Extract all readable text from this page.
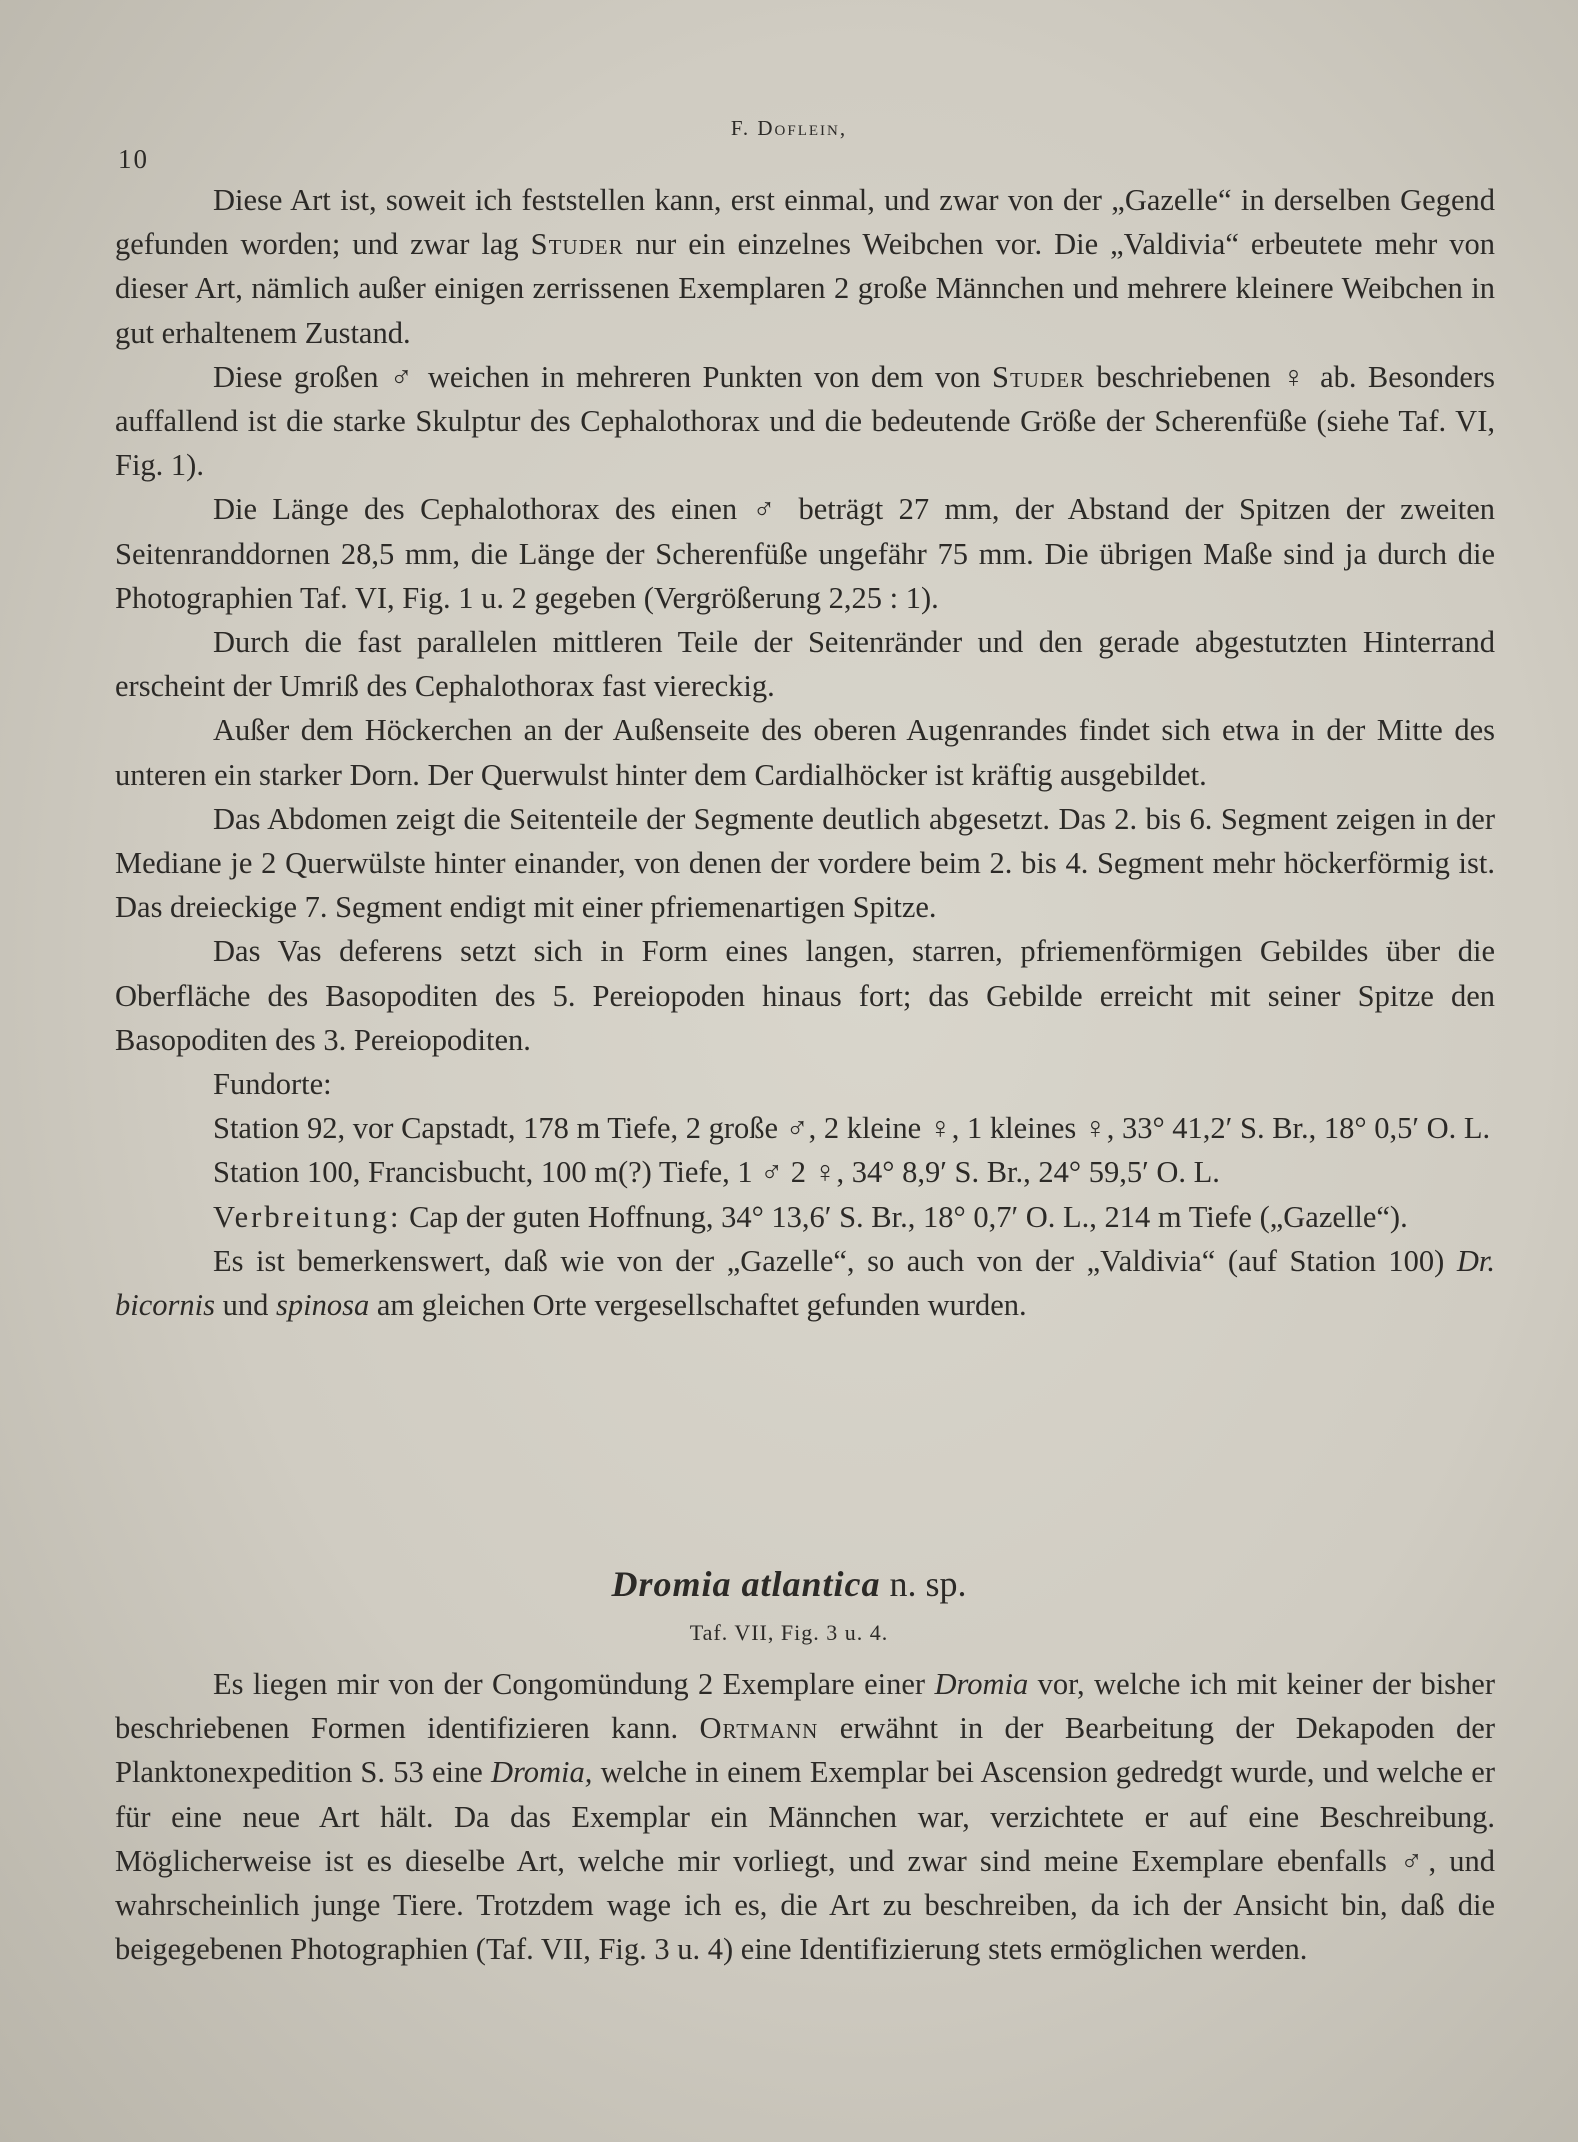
F. Doflein,
10

Diese Art ist, soweit ich feststellen kann, erst einmal, und zwar von der „Gazelle“ in derselben Gegend gefunden worden; und zwar lag Studer nur ein einzelnes Weibchen vor. Die „Valdivia“ erbeutete mehr von dieser Art, nämlich außer einigen zerrissenen Exemplaren 2 große Männchen und mehrere kleinere Weibchen in gut erhaltenem Zustand.

Diese großen ♂ weichen in mehreren Punkten von dem von Studer beschriebenen ♀ ab. Besonders auffallend ist die starke Skulptur des Cephalothorax und die bedeutende Größe der Scherenfüße (siehe Taf. VI, Fig. 1).

Die Länge des Cephalothorax des einen ♂ beträgt 27 mm, der Abstand der Spitzen der zweiten Seitenranddornen 28,5 mm, die Länge der Scherenfüße ungefähr 75 mm. Die übrigen Maße sind ja durch die Photographien Taf. VI, Fig. 1 u. 2 gegeben (Vergrößerung 2,25 : 1).

Durch die fast parallelen mittleren Teile der Seitenränder und den gerade abgestutzten Hinterrand erscheint der Umriß des Cephalothorax fast viereckig.

Außer dem Höckerchen an der Außenseite des oberen Augenrandes findet sich etwa in der Mitte des unteren ein starker Dorn. Der Querwulst hinter dem Cardialhöcker ist kräftig ausgebildet.

Das Abdomen zeigt die Seitenteile der Segmente deutlich abgesetzt. Das 2. bis 6. Segment zeigen in der Mediane je 2 Querwülste hinter einander, von denen der vordere beim 2. bis 4. Segment mehr höckerförmig ist. Das dreieckige 7. Segment endigt mit einer pfriemenartigen Spitze.

Das Vas deferens setzt sich in Form eines langen, starren, pfriemenförmigen Gebildes über die Oberfläche des Basopoditen des 5. Pereiopoden hinaus fort; das Gebilde erreicht mit seiner Spitze den Basopoditen des 3. Pereiopoditen.

Fundorte:

Station 92, vor Capstadt, 178 m Tiefe, 2 große ♂, 2 kleine ♀, 1 kleines ♀, 33° 41,2′ S. Br., 18° 0,5′ O. L.

Station 100, Francisbucht, 100 m(?) Tiefe, 1 ♂ 2 ♀, 34° 8,9′ S. Br., 24° 59,5′ O. L.

Verbreitung: Cap der guten Hoffnung, 34° 13,6′ S. Br., 18° 0,7′ O. L., 214 m Tiefe („Gazelle“).

Es ist bemerkenswert, daß wie von der „Gazelle“, so auch von der „Valdivia“ (auf Station 100) Dr. bicornis und spinosa am gleichen Orte vergesellschaftet gefunden wurden.

Dromia atlantica n. sp.
Taf. VII, Fig. 3 u. 4.

Es liegen mir von der Congomündung 2 Exemplare einer Dromia vor, welche ich mit keiner der bisher beschriebenen Formen identifizieren kann. Ortmann erwähnt in der Bearbeitung der Dekapoden der Planktonexpedition S. 53 eine Dromia, welche in einem Exemplar bei Ascension gedredgt wurde, und welche er für eine neue Art hält. Da das Exemplar ein Männchen war, verzichtete er auf eine Beschreibung. Möglicherweise ist es dieselbe Art, welche mir vorliegt, und zwar sind meine Exemplare ebenfalls ♂, und wahrscheinlich junge Tiere. Trotzdem wage ich es, die Art zu beschreiben, da ich der Ansicht bin, daß die beigegebenen Photographien (Taf. VII, Fig. 3 u. 4) eine Identifizierung stets ermöglichen werden.
